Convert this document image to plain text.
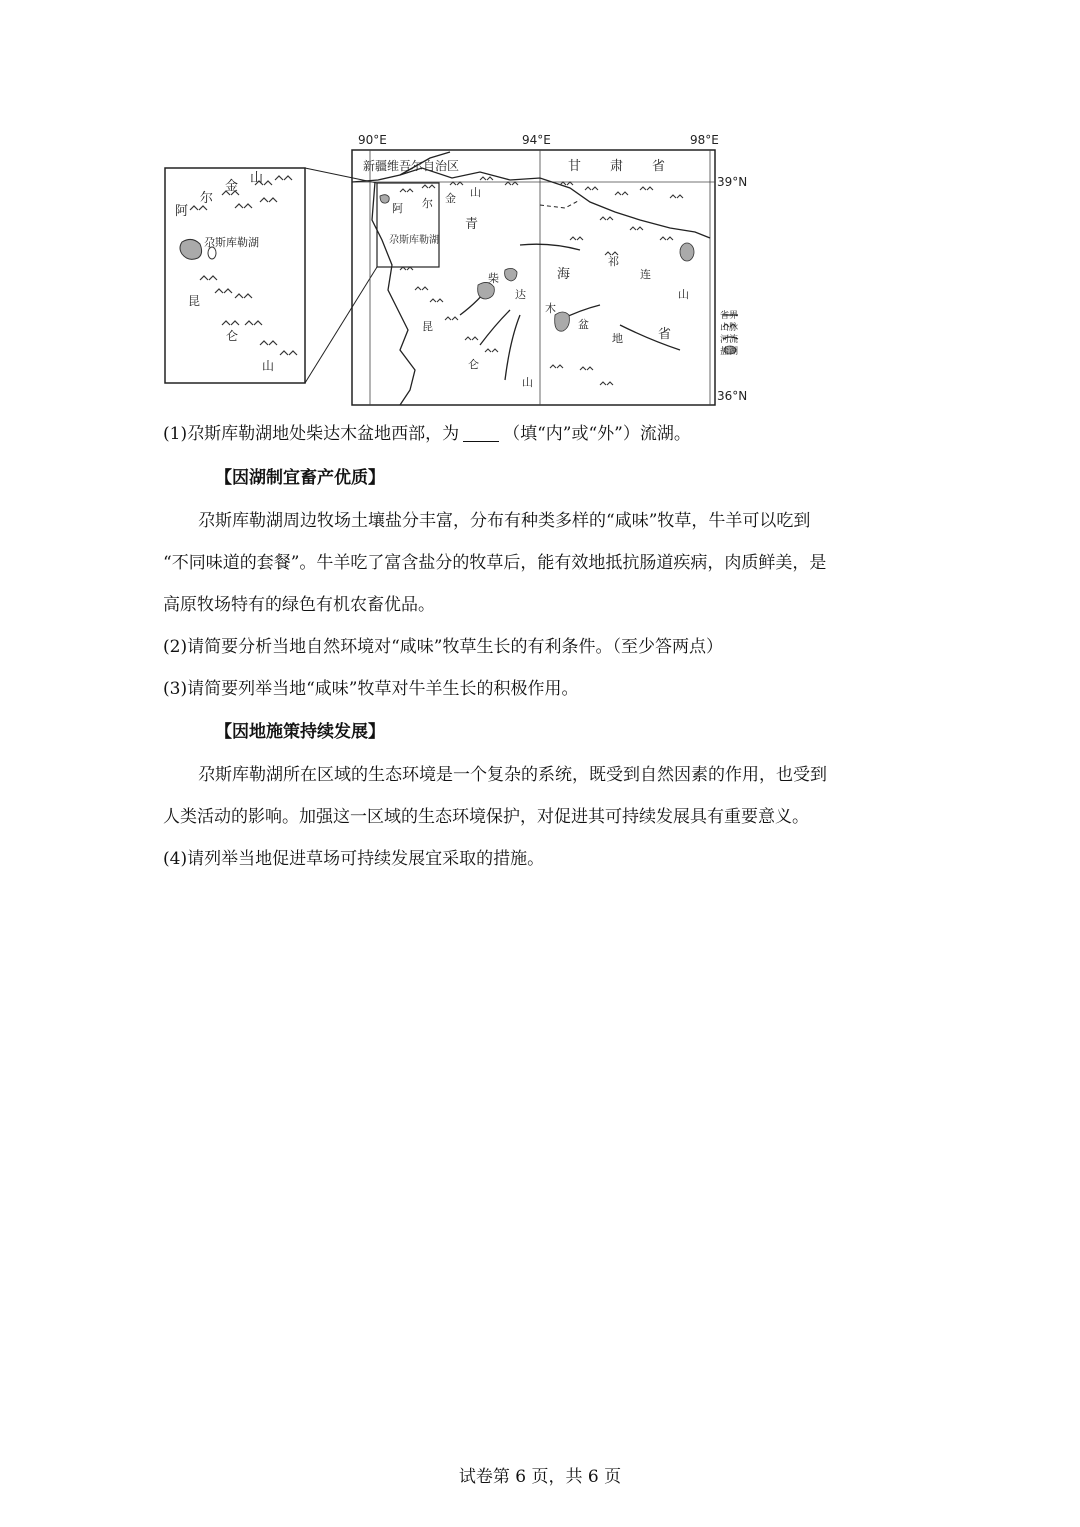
阿
尔
金
山
尕斯库勒湖
昆
仑
山
90°E	94°E	98°E
39°N
36°N
新疆维吾尔自治区	甘 肃 省
阿 尔 金 山
尕斯库勒湖
青
海
省
祁
连
山
柴
达
木
盆
地
昆
仑
山
省界
山脉
河流
盐湖
(1)尕斯库勒湖地处柴达木盆地西部，为	（填“内”或“外”）流湖。
【因湖制宜畜产优质】
尕斯库勒湖周边牧场土壤盐分丰富，分布有种类多样的“咸味”牧草，牛羊可以吃到
“不同味道的套餐”。牛羊吃了富含盐分的牧草后，能有效地抵抗肠道疾病，肉质鲜美，是
高原牧场特有的绿色有机农畜优品。
(2)请简要分析当地自然环境对“咸味”牧草生长的有利条件。（至少答两点）
(3)请简要列举当地“咸味”牧草对牛羊生长的积极作用。
【因地施策持续发展】
尕斯库勒湖所在区域的生态环境是一个复杂的系统，既受到自然因素的作用，也受到
人类活动的影响。加强这一区域的生态环境保护，对促进其可持续发展具有重要意义。
(4)请列举当地促进草场可持续发展宜采取的措施。
试卷第 6 页，共 6 页
